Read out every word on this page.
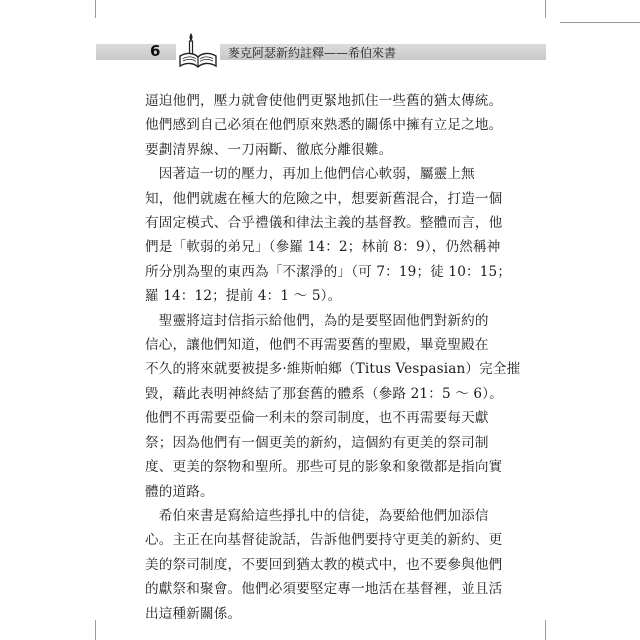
6	麥克阿瑟新約註釋——希伯來書

逼迫他們，壓力就會使他們更緊地抓住一些舊的猶太傳統。
他們感到自己必須在他們原來熟悉的關係中擁有立足之地。
要劃清界線、一刀兩斷、徹底分離很難。

　因著這一切的壓力，再加上他們信心軟弱，屬靈上無
知，他們就處在極大的危險之中，想要新舊混合，打造一個
有固定模式、合乎禮儀和律法主義的基督教。整體而言，他
們是「軟弱的弟兄」（參羅 14：2；林前 8：9），仍然稱神
所分別為聖的東西為「不潔淨的」（可 7：19；徒 10：15；
羅 14：12；提前 4：1 ～ 5）。

　聖靈將這封信指示給他們，為的是要堅固他們對新約的
信心，讓他們知道，他們不再需要舊的聖殿，畢竟聖殿在
不久的將來就要被提多·維斯帕鄉（Titus Vespasian）完全摧
毀，藉此表明神終結了那套舊的體系（參路 21：5 ～ 6）。
他們不再需要亞倫一利未的祭司制度，也不再需要每天獻
祭；因為他們有一個更美的新約，這個約有更美的祭司制
度、更美的祭物和聖所。那些可見的影象和象徵都是指向實
體的道路。

　希伯來書是寫給這些掙扎中的信徒，為要給他們加添信
心。主正在向基督徒說話，告訴他們要持守更美的新約、更
美的祭司制度，不要回到猶太教的模式中，也不要參與他們
的獻祭和聚會。他們必須要堅定專一地活在基督裡，並且活
出這種新關係。
